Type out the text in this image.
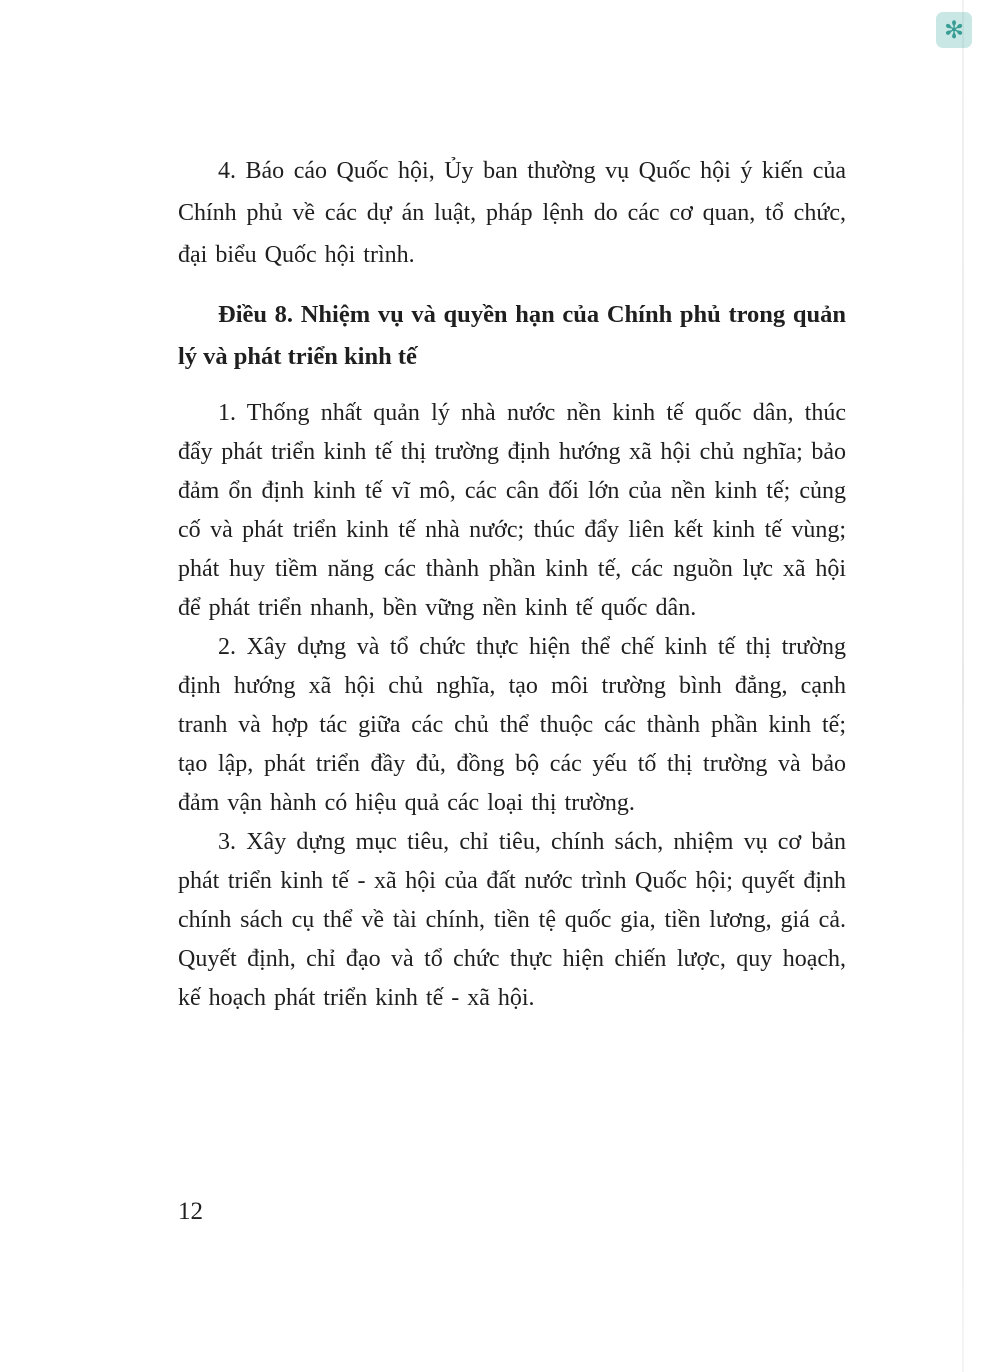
✻

4. Báo cáo Quốc hội, Ủy ban thường vụ Quốc hội ý kiến của Chính phủ về các dự án luật, pháp lệnh do các cơ quan, tổ chức, đại biểu Quốc hội trình.

Điều 8. Nhiệm vụ và quyền hạn của Chính phủ trong quản lý và phát triển kinh tế

1. Thống nhất quản lý nhà nước nền kinh tế quốc dân, thúc đẩy phát triển kinh tế thị trường định hướng xã hội chủ nghĩa; bảo đảm ổn định kinh tế vĩ mô, các cân đối lớn của nền kinh tế; củng cố và phát triển kinh tế nhà nước; thúc đẩy liên kết kinh tế vùng; phát huy tiềm năng các thành phần kinh tế, các nguồn lực xã hội để phát triển nhanh, bền vững nền kinh tế quốc dân.

2. Xây dựng và tổ chức thực hiện thể chế kinh tế thị trường định hướng xã hội chủ nghĩa, tạo môi trường bình đẳng, cạnh tranh và hợp tác giữa các chủ thể thuộc các thành phần kinh tế; tạo lập, phát triển đầy đủ, đồng bộ các yếu tố thị trường và bảo đảm vận hành có hiệu quả các loại thị trường.

3. Xây dựng mục tiêu, chỉ tiêu, chính sách, nhiệm vụ cơ bản phát triển kinh tế - xã hội của đất nước trình Quốc hội; quyết định chính sách cụ thể về tài chính, tiền tệ quốc gia, tiền lương, giá cả. Quyết định, chỉ đạo và tổ chức thực hiện chiến lược, quy hoạch, kế hoạch phát triển kinh tế - xã hội.

12
